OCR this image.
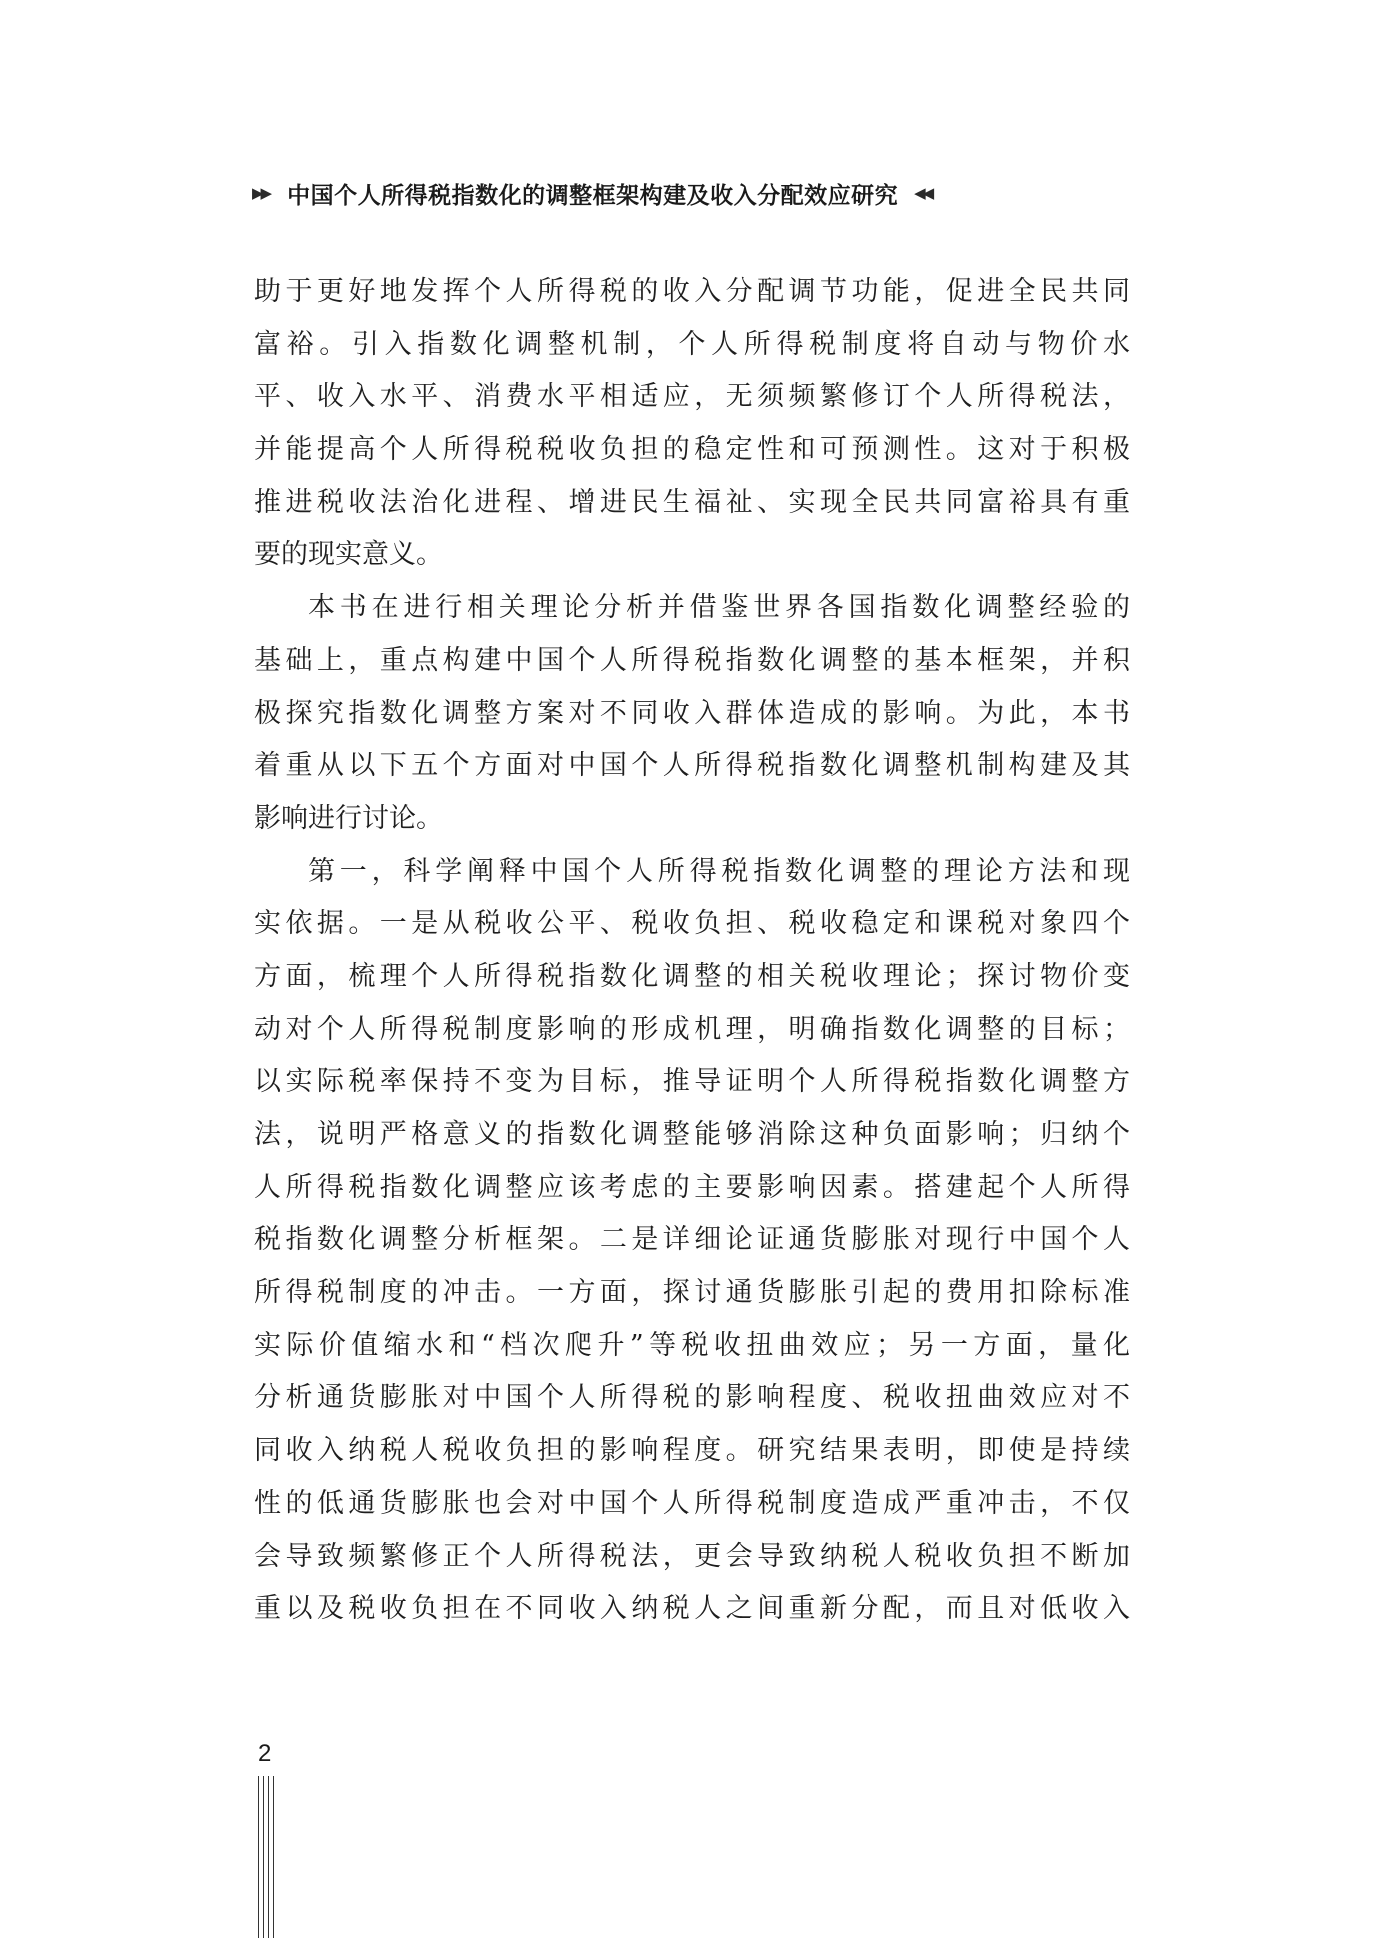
▶▶ 中国个人所得税指数化的调整框架构建及收入分配效应研究 ◀◀
助于更好地发挥个人所得税的收入分配调节功能，促进全民共同
富裕。引入指数化调整机制，个人所得税制度将自动与物价水
平、收入水平、消费水平相适应，无须频繁修订个人所得税法，
并能提高个人所得税税收负担的稳定性和可预测性。这对于积极
推进税收法治化进程、增进民生福祉、实现全民共同富裕具有重
要的现实意义。
本书在进行相关理论分析并借鉴世界各国指数化调整经验的
基础上，重点构建中国个人所得税指数化调整的基本框架，并积
极探究指数化调整方案对不同收入群体造成的影响。为此，本书
着重从以下五个方面对中国个人所得税指数化调整机制构建及其
影响进行讨论。
第一，科学阐释中国个人所得税指数化调整的理论方法和现
实依据。一是从税收公平、税收负担、税收稳定和课税对象四个
方面，梳理个人所得税指数化调整的相关税收理论；探讨物价变
动对个人所得税制度影响的形成机理，明确指数化调整的目标；
以实际税率保持不变为目标，推导证明个人所得税指数化调整方
法，说明严格意义的指数化调整能够消除这种负面影响；归纳个
人所得税指数化调整应该考虑的主要影响因素。搭建起个人所得
税指数化调整分析框架。二是详细论证通货膨胀对现行中国个人
所得税制度的冲击。一方面，探讨通货膨胀引起的费用扣除标准
实际价值缩水和“档次爬升”等税收扭曲效应；另一方面，量化
分析通货膨胀对中国个人所得税的影响程度、税收扭曲效应对不
同收入纳税人税收负担的影响程度。研究结果表明，即使是持续
性的低通货膨胀也会对中国个人所得税制度造成严重冲击，不仅
会导致频繁修正个人所得税法，更会导致纳税人税收负担不断加
重以及税收负担在不同收入纳税人之间重新分配，而且对低收入
2
